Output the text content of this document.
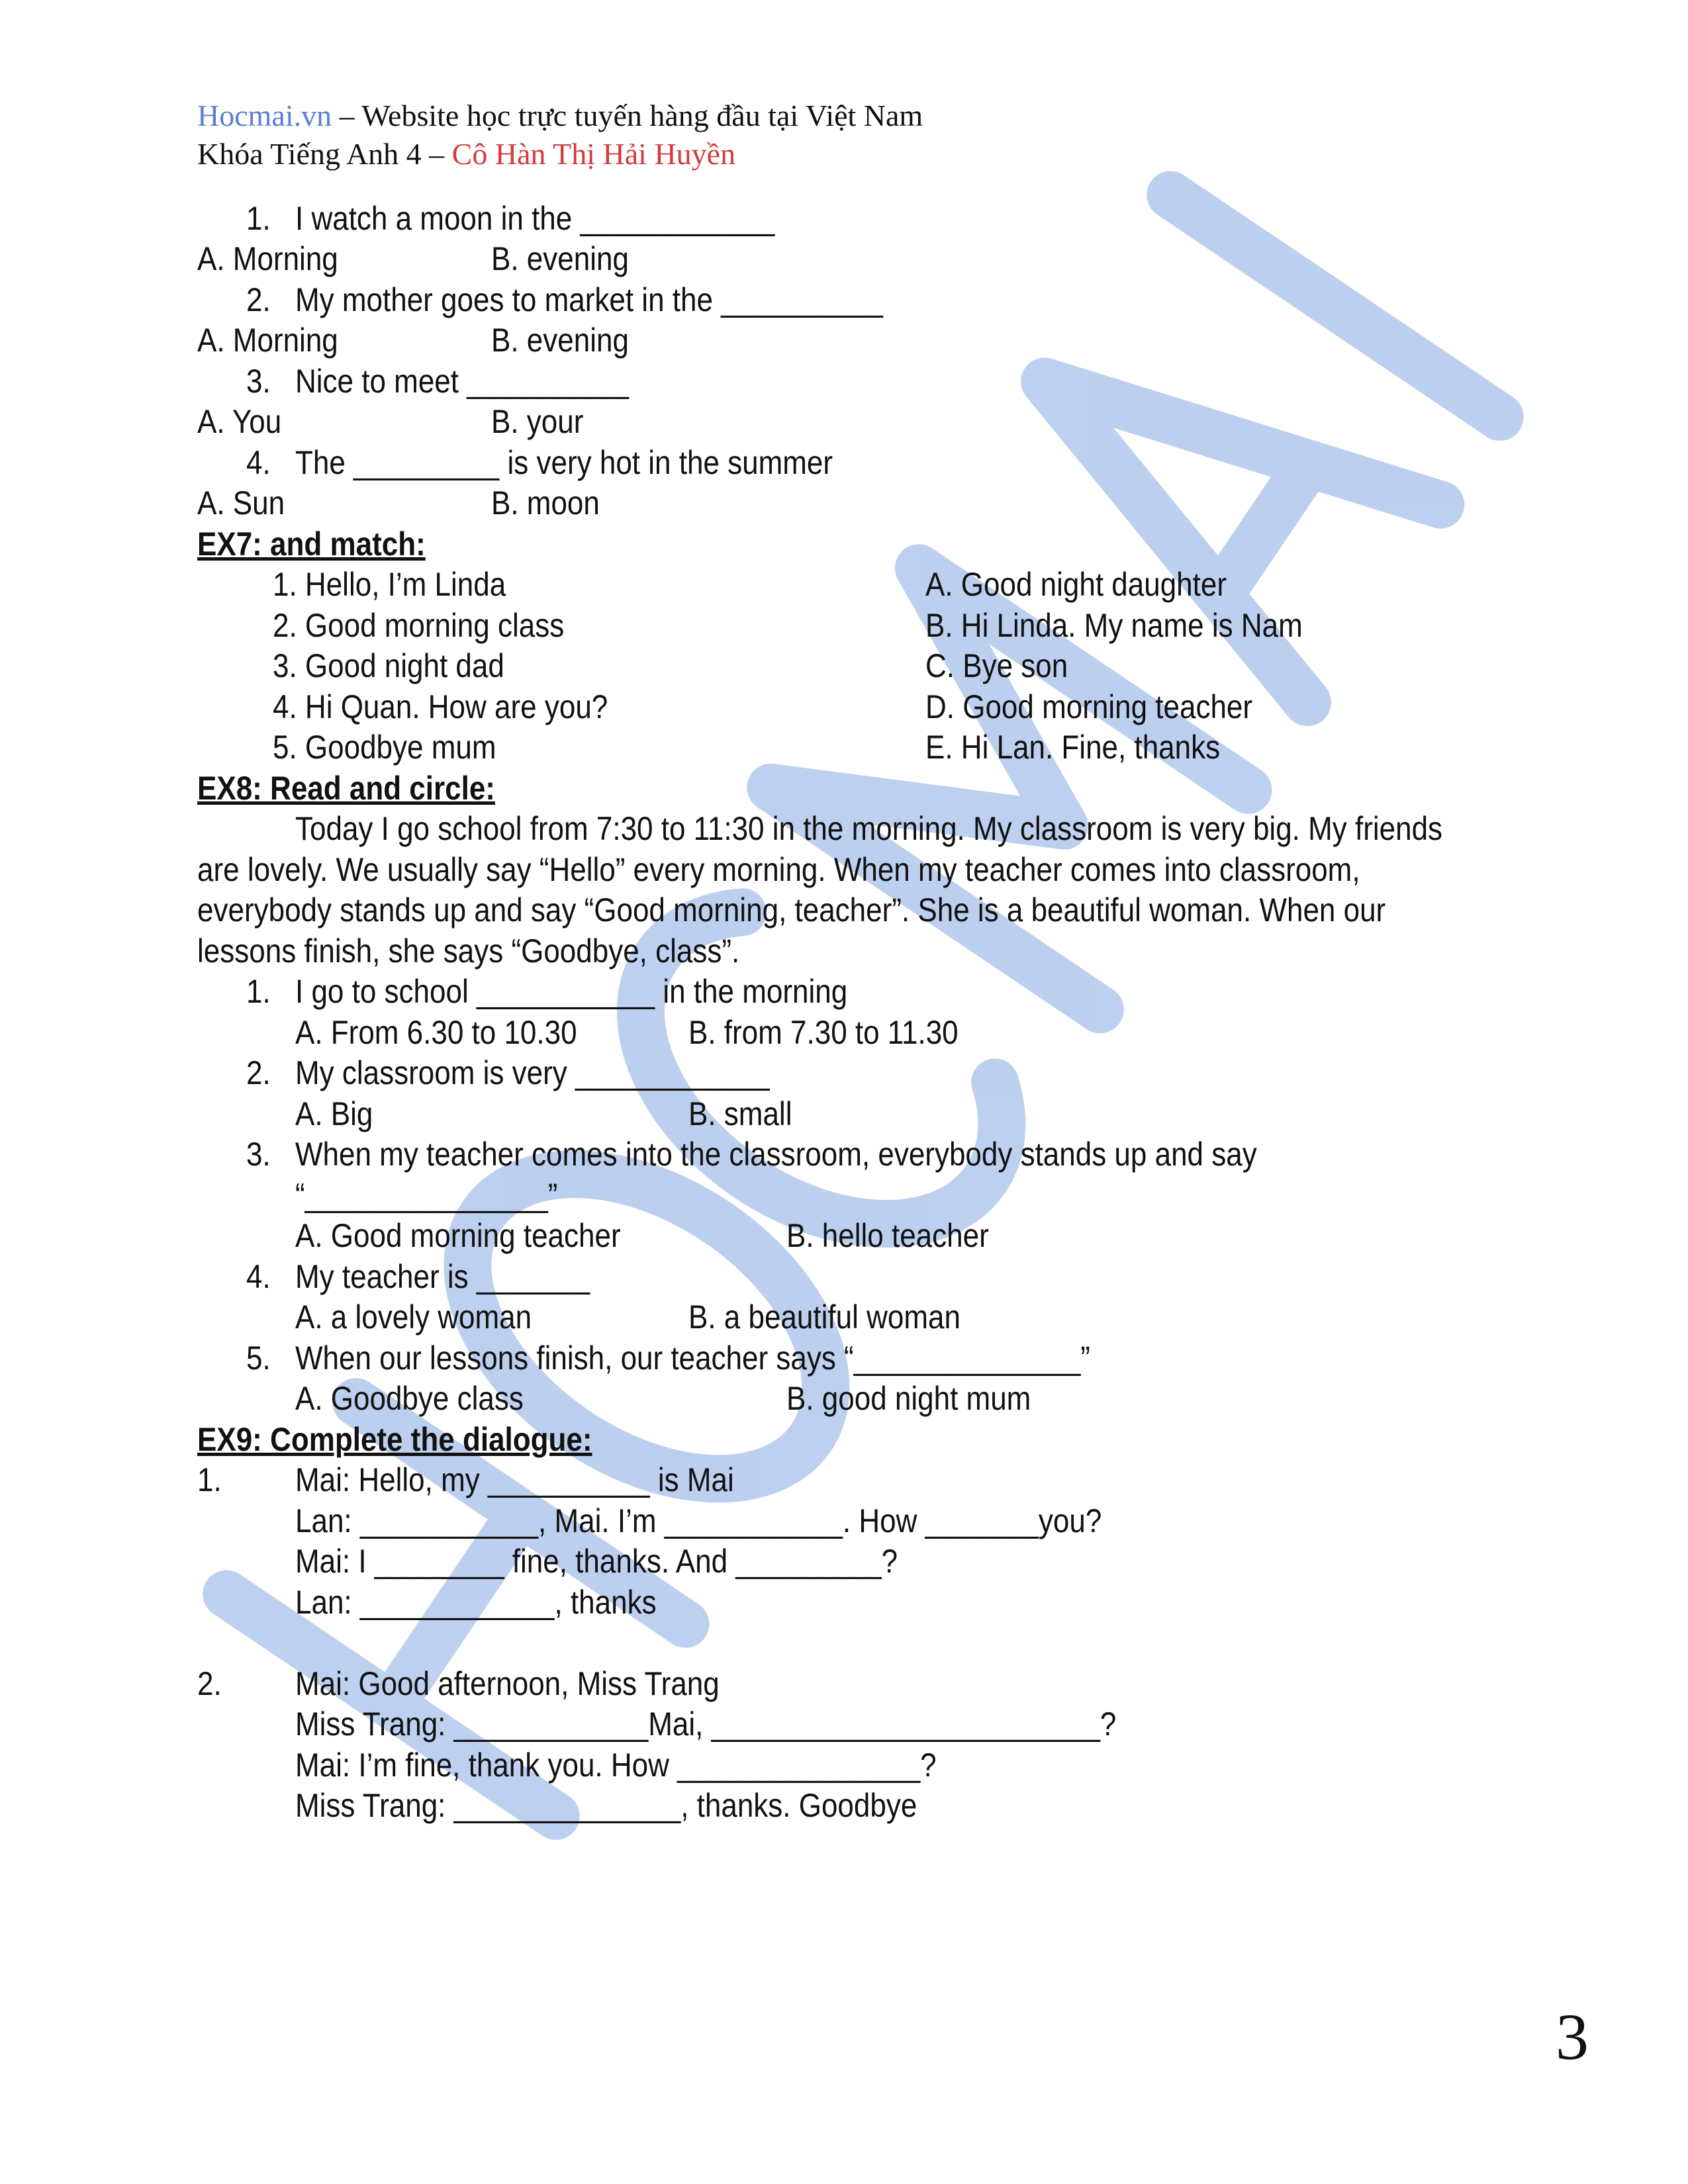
Hocmai.vn – Website học trực tuyến hàng đầu tại Việt Nam
Khóa Tiếng Anh 4 – Cô Hàn Thị Hải Huyền
1. I watch a moon in the ____________
A. Morning	B. evening
2. My mother goes to market in the __________
A. Morning	B. evening
3. Nice to meet __________
A. You	B. your
4. The _________ is very hot in the summer
A. Sun	B. moon
EX7: and match:
1. Hello, I’m Linda	A. Good night daughter
2. Good morning class	B. Hi Linda. My name is Nam
3. Good night dad	C. Bye son
4. Hi Quan. How are you?	D. Good morning teacher
5. Goodbye mum	E. Hi Lan. Fine, thanks
EX8: Read and circle:
Today I go school from 7:30 to 11:30 in the morning. My classroom is very big. My friends
are lovely. We usually say “Hello” every morning. When my teacher comes into classroom,
everybody stands up and say “Good morning, teacher”. She is a beautiful woman. When our
lessons finish, she says “Goodbye, class”.
1. I go to school ___________ in the morning
A. From 6.30 to 10.30	B. from 7.30 to 11.30
2. My classroom is very ____________
A. Big	B. small
3. When my teacher comes into the classroom, everybody stands up and say
“_______________”
A. Good morning teacher	B. hello teacher
4. My teacher is _______
A. a lovely woman	B. a beautiful woman
5. When our lessons finish, our teacher says “______________”
A. Goodbye class	B. good night mum
EX9: Complete the dialogue:
1. Mai: Hello, my __________ is Mai
Lan: ___________, Mai. I’m ___________. How _______you?
Mai: I ________ fine, thanks. And _________?
Lan: ____________, thanks
2. Mai: Good afternoon, Miss Trang
Miss Trang: ____________Mai, ________________________?
Mai: I’m fine, thank you. How _______________?
Miss Trang: ______________, thanks. Goodbye
3
